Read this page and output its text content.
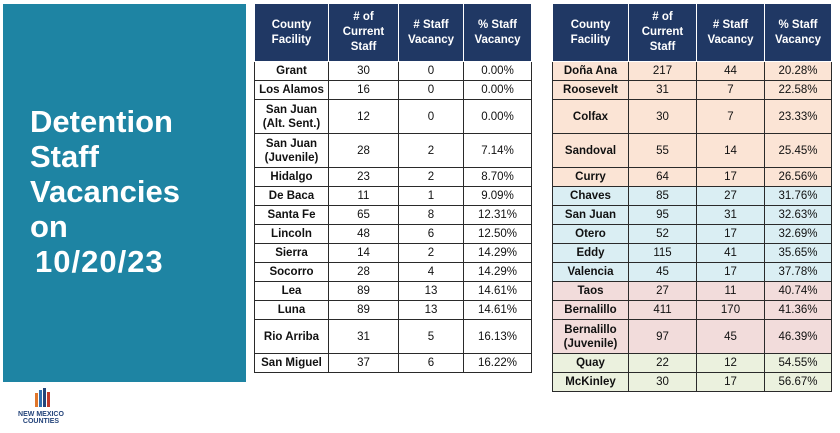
Detention
Staff
Vacancies
on
10/20/23
NEW MEXICO
COUNTIES
County Facility	# of Current Staff	# Staff Vacancy	% Staff Vacancy
Grant	30	0	0.00%
Los Alamos	16	0	0.00%
San Juan (Alt. Sent.)	12	0	0.00%
San Juan (Juvenile)	28	2	7.14%
Hidalgo	23	2	8.70%
De Baca	11	1	9.09%
Santa Fe	65	8	12.31%
Lincoln	48	6	12.50%
Sierra	14	2	14.29%
Socorro	28	4	14.29%
Lea	89	13	14.61%
Luna	89	13	14.61%
Rio Arriba	31	5	16.13%
San Miguel	37	6	16.22%
County Facility	# of Current Staff	# Staff Vacancy	% Staff Vacancy
Doña Ana	217	44	20.28%
Roosevelt	31	7	22.58%
Colfax	30	7	23.33%
Sandoval	55	14	25.45%
Curry	64	17	26.56%
Chaves	85	27	31.76%
San Juan	95	31	32.63%
Otero	52	17	32.69%
Eddy	115	41	35.65%
Valencia	45	17	37.78%
Taos	27	11	40.74%
Bernalillo	411	170	41.36%
Bernalillo (Juvenile)	97	45	46.39%
Quay	22	12	54.55%
McKinley	30	17	56.67%
